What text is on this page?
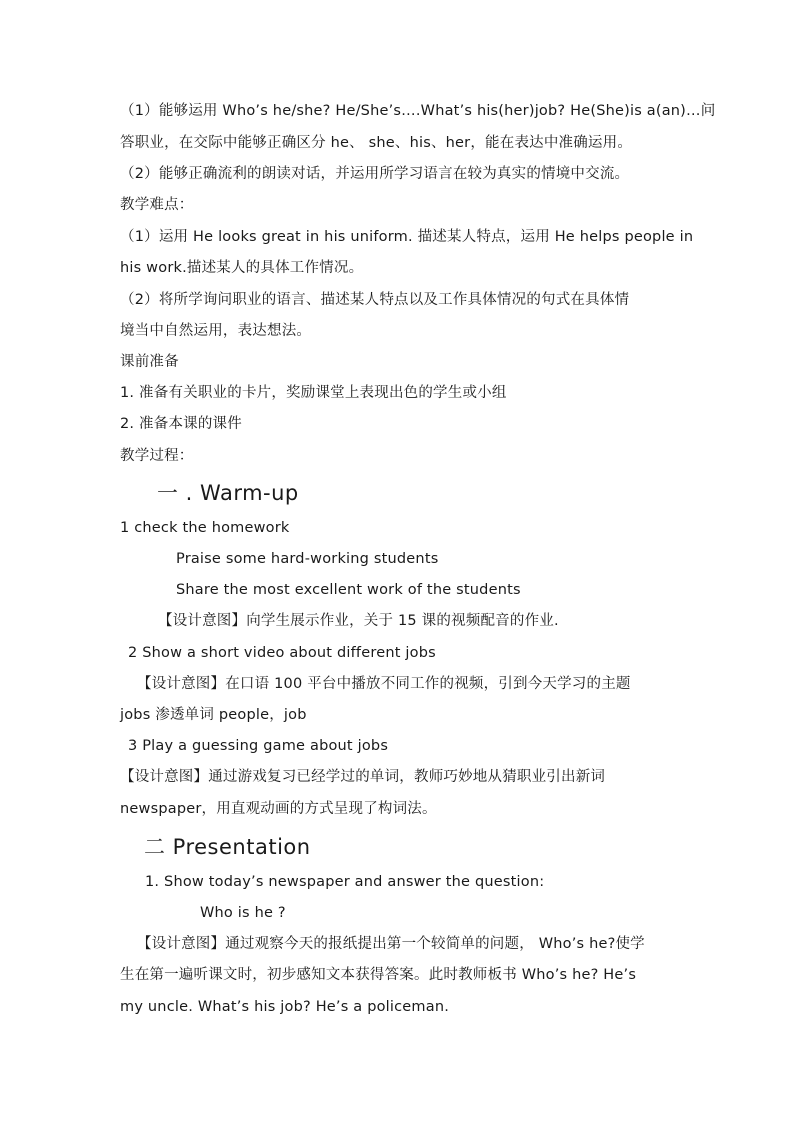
（1）能够运用 Who’s he/she? He/She’s….What’s his(her)job? He(She)is a(an)…问
答职业，在交际中能够正确区分 he、 she、his、her，能在表达中准确运用。
（2）能够正确流利的朗读对话，并运用所学习语言在较为真实的情境中交流。
教学难点：
（1）运用 He looks great in his uniform. 描述某人特点，运用 He helps people in
his work.描述某人的具体工作情况。
（2）将所学询问职业的语言、描述某人特点以及工作具体情况的句式在具体情
境当中自然运用，表达想法。
课前准备
1. 准备有关职业的卡片，奖励课堂上表现出色的学生或小组
2. 准备本课的课件
教学过程：
一 . Warm-up
1 check the homework
Praise some hard-working students
Share the most excellent work of the students
【设计意图】向学生展示作业，关于 15 课的视频配音的作业.
2 Show a short video about different jobs
【设计意图】在口语 100 平台中播放不同工作的视频，引到今天学习的主题
jobs 渗透单词 people，job
3 Play a guessing game about jobs
【设计意图】通过游戏复习已经学过的单词，教师巧妙地从猜职业引出新词
newspaper，用直观动画的方式呈现了构词法。
二 Presentation
1. Show today’s newspaper and answer the question:
Who is he ?
【设计意图】通过观察今天的报纸提出第一个较简单的问题， Who’s he?使学
生在第一遍听课文时，初步感知文本获得答案。此时教师板书 Who’s he? He’s
my uncle. What’s his job? He’s a policeman.
